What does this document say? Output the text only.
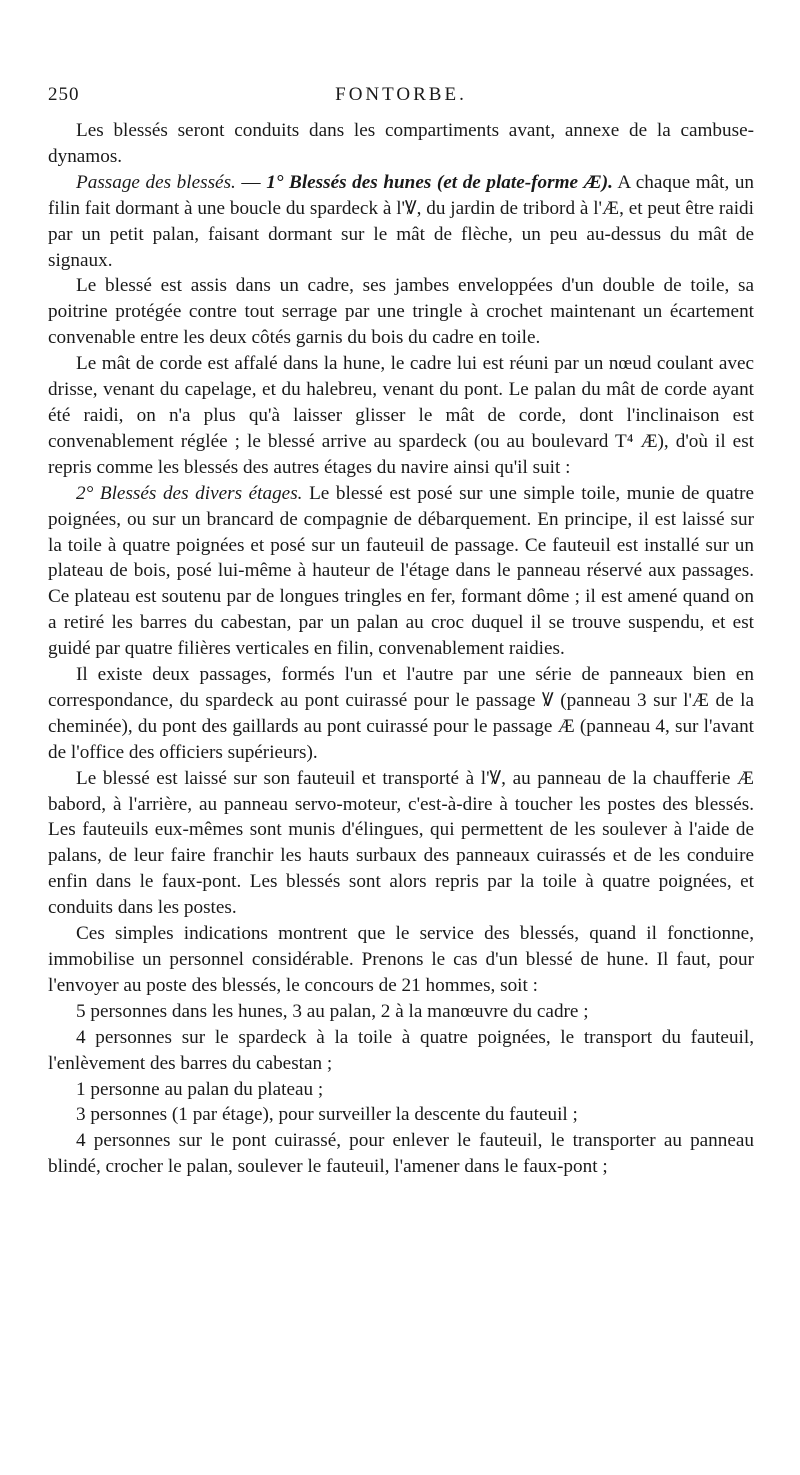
250	FONTORBE.

Les blessés seront conduits dans les compartiments avant, annexe de la cambuse-dynamos.

Passage des blessés. — 1° Blessés des hunes (et de plate-forme Æ). A chaque mât, un filin fait dormant à une boucle du spardeck à l'Ꝟ, du jardin de tribord à l'Æ, et peut être raidi par un petit palan, faisant dormant sur le mât de flèche, un peu au-dessus du mât de signaux.

Le blessé est assis dans un cadre, ses jambes enveloppées d'un double de toile, sa poitrine protégée contre tout serrage par une tringle à crochet maintenant un écartement convenable entre les deux côtés garnis du bois du cadre en toile.

Le mât de corde est affalé dans la hune, le cadre lui est réuni par un nœud coulant avec drisse, venant du capelage, et du halebreu, venant du pont. Le palan du mât de corde ayant été raidi, on n'a plus qu'à laisser glisser le mât de corde, dont l'inclinaison est convenablement réglée ; le blessé arrive au spardeck (ou au boulevard T⁴ Æ), d'où il est repris comme les blessés des autres étages du navire ainsi qu'il suit :

2° Blessés des divers étages. Le blessé est posé sur une simple toile, munie de quatre poignées, ou sur un brancard de compagnie de débarquement. En principe, il est laissé sur la toile à quatre poignées et posé sur un fauteuil de passage. Ce fauteuil est installé sur un plateau de bois, posé lui-même à hauteur de l'étage dans le panneau réservé aux passages. Ce plateau est soutenu par de longues tringles en fer, formant dôme ; il est amené quand on a retiré les barres du cabestan, par un palan au croc duquel il se trouve suspendu, et est guidé par quatre filières verticales en filin, convenablement raidies.

Il existe deux passages, formés l'un et l'autre par une série de panneaux bien en correspondance, du spardeck au pont cuirassé pour le passage Ꝟ (panneau 3 sur l'Æ de la cheminée), du pont des gaillards au pont cuirassé pour le passage Æ (panneau 4, sur l'avant de l'office des officiers supérieurs).

Le blessé est laissé sur son fauteuil et transporté à l'Ꝟ, au panneau de la chaufferie Æ babord, à l'arrière, au panneau servo-moteur, c'est-à-dire à toucher les postes des blessés. Les fauteuils eux-mêmes sont munis d'élingues, qui permettent de les soulever à l'aide de palans, de leur faire franchir les hauts surbaux des panneaux cuirassés et de les conduire enfin dans le faux-pont. Les blessés sont alors repris par la toile à quatre poignées, et conduits dans les postes.

Ces simples indications montrent que le service des blessés, quand il fonctionne, immobilise un personnel considérable. Prenons le cas d'un blessé de hune. Il faut, pour l'envoyer au poste des blessés, le concours de 21 hommes, soit :

5 personnes dans les hunes, 3 au palan, 2 à la manœuvre du cadre ;

4 personnes sur le spardeck à la toile à quatre poignées, le transport du fauteuil, l'enlèvement des barres du cabestan ;

1 personne au palan du plateau ;

3 personnes (1 par étage), pour surveiller la descente du fauteuil ;

4 personnes sur le pont cuirassé, pour enlever le fauteuil, le transporter au panneau blindé, crocher le palan, soulever le fauteuil, l'amener dans le faux-pont ;
